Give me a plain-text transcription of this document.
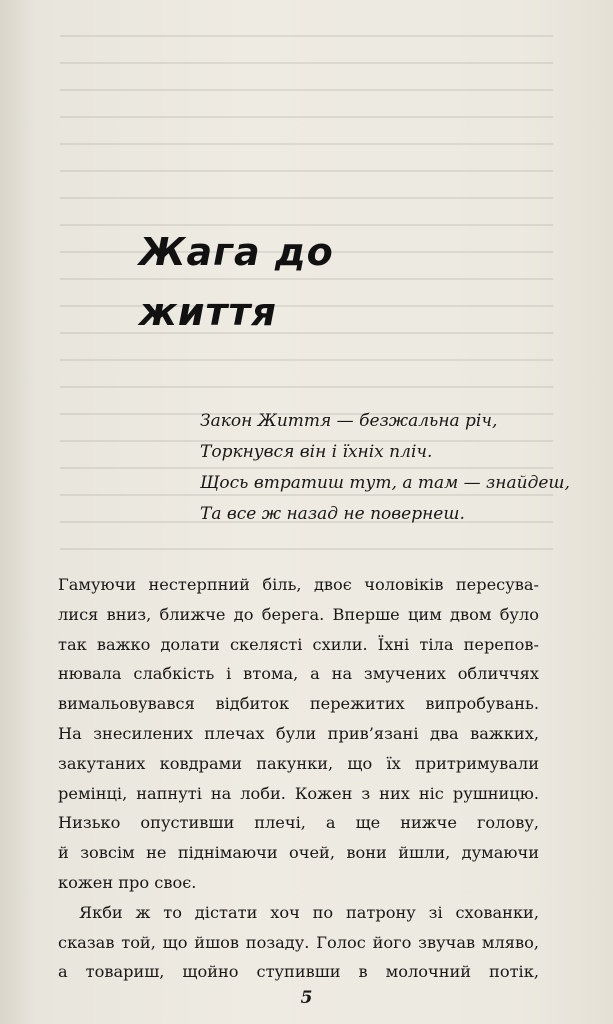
Жага до життя
Закон Життя — безжальна річ,
Торкнувся він і їхніх пліч.
Щось втратиш тут, а там — знайдеш,
Та все ж назад не повернеш.
Гамуючи нестерпний біль, двоє чоловіків пересува-
лися вниз, ближче до берега. Вперше цим двом було
так важко долати скелясті схили. Їхні тіла перепов-
нювала слабкість і втома, а на змучених обличчях
вимальовувався відбиток пережитих випробувань.
На знесилених плечах були прив’язані два важких,
закутаних ковдрами пакунки, що їх притримували
ремінці, напнуті на лоби. Кожен з них ніс рушницю.
Низько опустивши плечі, а ще нижче голову,
й зовсім не піднімаючи очей, вони йшли, думаючи
кожен про своє.
Якби ж то дістати хоч по патрону зі схованки,
сказав той, що йшов позаду. Голос його звучав мляво,
а товариш, щойно ступивши в молочний потік,
5
